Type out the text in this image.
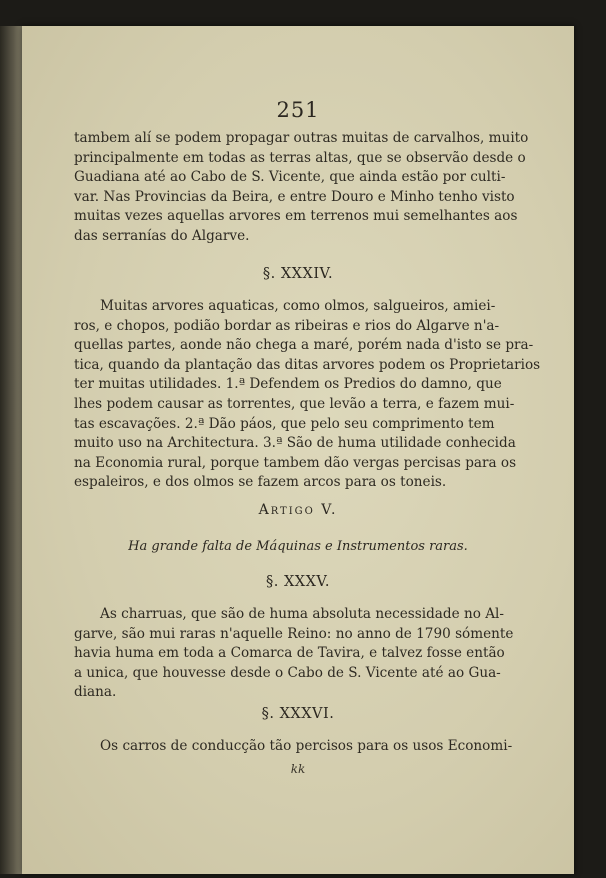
251
tambem alí se podem propagar outras muitas de carvalhos, muito
principalmente em todas as terras altas, que se observão desde o
Guadiana até ao Cabo de S. Vicente, que ainda estão por culti-
var. Nas Provincias da Beira, e entre Douro e Minho tenho visto
muitas vezes aquellas arvores em terrenos mui semelhantes aos
das serranías do Algarve.
§. XXXIV.
Muitas arvores aquaticas, como olmos, salgueiros, amiei-
ros, e chopos, podião bordar as ribeiras e rios do Algarve n'a-
quellas partes, aonde não chega a maré, porém nada d'isto se pra-
tica, quando da plantação das ditas arvores podem os Proprietarios
ter muitas utilidades. 1.ª Defendem os Predios do damno, que
lhes podem causar as torrentes, que levão a terra, e fazem mui-
tas escavações. 2.ª Dão páos, que pelo seu comprimento tem
muito uso na Architectura. 3.ª São de huma utilidade conhecida
na Economia rural, porque tambem dão vergas percisas para os
espaleiros, e dos olmos se fazem arcos para os toneis.
Artigo V.
Ha grande falta de Máquinas e Instrumentos raras.
§. XXXV.
As charruas, que são de huma absoluta necessidade no Al-
garve, são mui raras n'aquelle Reino: no anno de 1790 sómente
havia huma em toda a Comarca de Tavira, e talvez fosse então
a unica, que houvesse desde o Cabo de S. Vicente até ao Gua-
diana.
§. XXXVI.
Os carros de conducção tão percisos para os usos Economi-
kk
